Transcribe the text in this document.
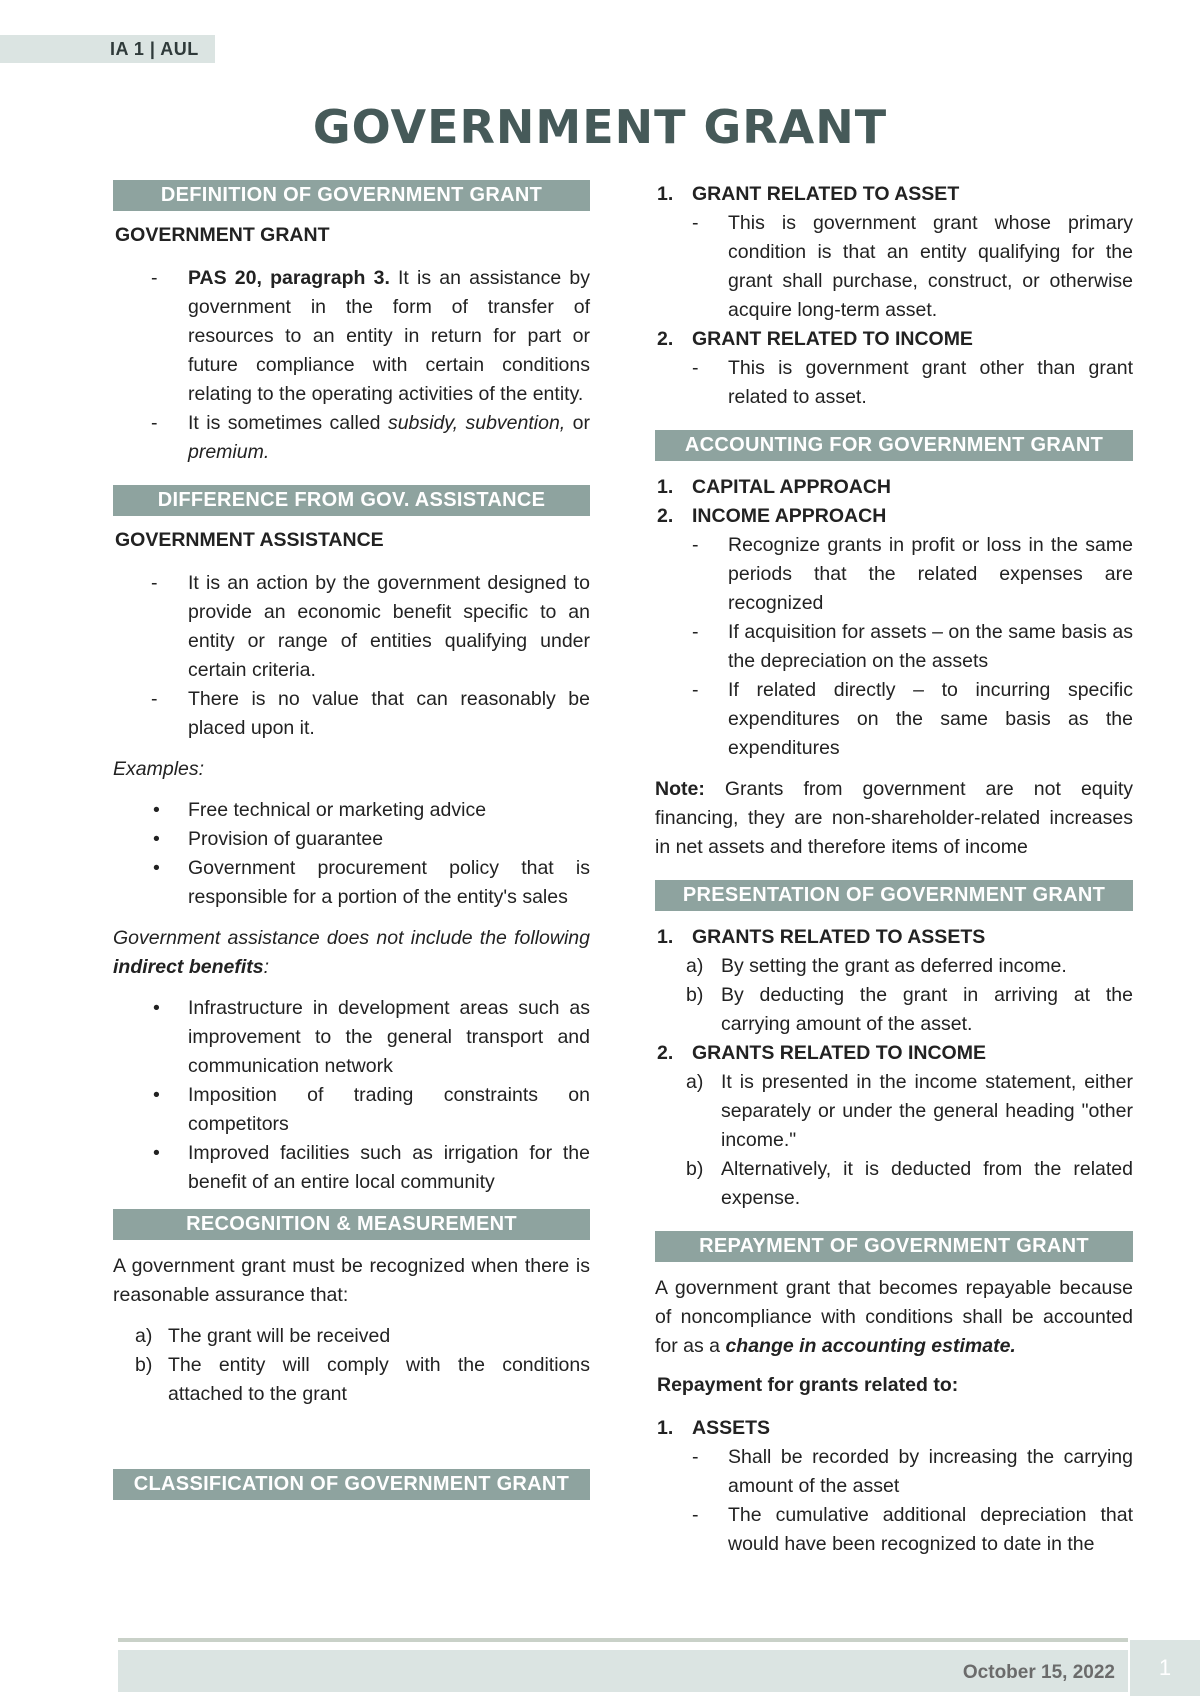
IA 1 | AUL
GOVERNMENT GRANT
DEFINITION OF GOVERNMENT GRANT
GOVERNMENT GRANT
- PAS 20, paragraph 3. It is an assistance by government in the form of transfer of resources to an entity in return for part or future compliance with certain conditions relating to the operating activities of the entity.
- It is sometimes called subsidy, subvention, or premium.
DIFFERENCE FROM GOV. ASSISTANCE
GOVERNMENT ASSISTANCE
- It is an action by the government designed to provide an economic benefit specific to an entity or range of entities qualifying under certain criteria.
- There is no value that can reasonably be placed upon it.

Examples:

• Free technical or marketing advice
• Provision of guarantee
• Government procurement policy that is responsible for a portion of the entity's sales

Government assistance does not include the following indirect benefits:

• Infrastructure in development areas such as improvement to the general transport and communication network
• Imposition of trading constraints on competitors
• Improved facilities such as irrigation for the benefit of an entire local community
RECOGNITION & MEASUREMENT

A government grant must be recognized when there is reasonable assurance that:

a) The grant will be received
b) The entity will comply with the conditions attached to the grant
CLASSIFICATION OF GOVERNMENT GRANT
1. GRANT RELATED TO ASSET
- This is government grant whose primary condition is that an entity qualifying for the grant shall purchase, construct, or otherwise acquire long-term asset.
2. GRANT RELATED TO INCOME
- This is government grant other than grant related to asset.
ACCOUNTING FOR GOVERNMENT GRANT
1. CAPITAL APPROACH
2. INCOME APPROACH
- Recognize grants in profit or loss in the same periods that the related expenses are recognized
- If acquisition for assets – on the same basis as the depreciation on the assets
- If related directly – to incurring specific expenditures on the same basis as the expenditures

Note: Grants from government are not equity financing, they are non-shareholder-related increases in net assets and therefore items of income

PRESENTATION OF GOVERNMENT GRANT
1. GRANTS RELATED TO ASSETS
a) By setting the grant as deferred income.
b) By deducting the grant in arriving at the carrying amount of the asset.
2. GRANTS RELATED TO INCOME
a) It is presented in the income statement, either separately or under the general heading "other income."
b) Alternatively, it is deducted from the related expense.
REPAYMENT OF GOVERNMENT GRANT

A government grant that becomes repayable because of noncompliance with conditions shall be accounted for as a change in accounting estimate.

Repayment for grants related to:
1. ASSETS
- Shall be recorded by increasing the carrying amount of the asset
- The cumulative additional depreciation that would have been recognized to date in the
October 15, 2022	1
